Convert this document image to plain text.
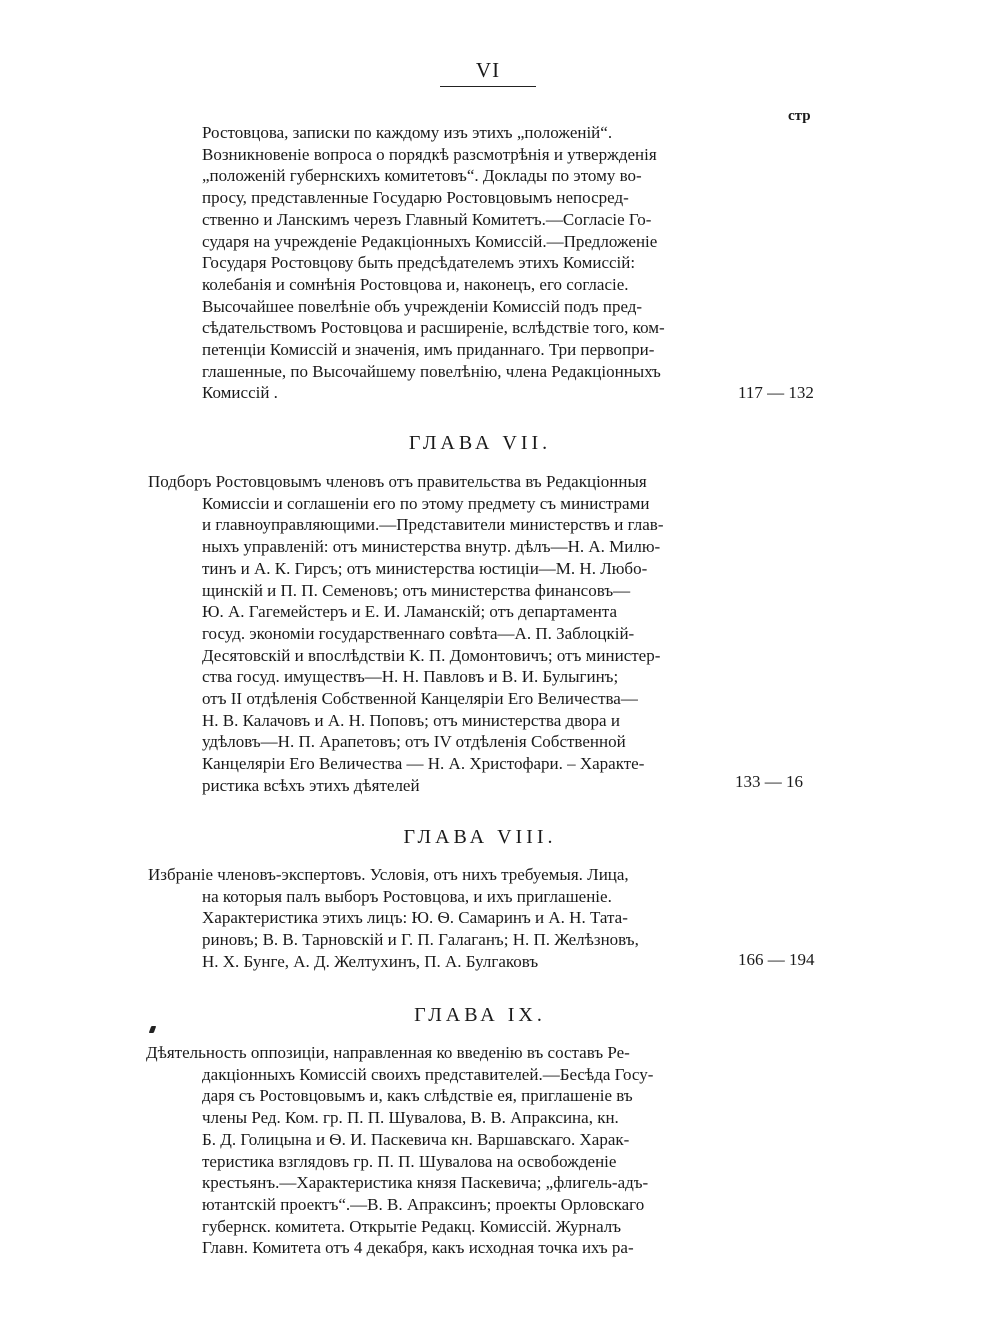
VI
стр
Ростовцова, записки по каждому изъ этихъ „положеній“.
Возникновеніе вопроса о порядкѣ разсмотрѣнія и утвержденія
„положеній губернскихъ комитетовъ“. Доклады по этому во-
просу, представленные Государю Ростовцовымъ непосред-
ственно и Ланскимъ черезъ Главный Комитетъ.—Согласіе Го-
сударя на учрежденіе Редакціонныхъ Комиссій.—Предложеніе
Государя Ростовцову быть предсѣдателемъ этихъ Комиссій:
колебанія и сомнѣнія Ростовцова и, наконецъ, его согласіе.
Высочайшее повелѣніе объ учрежденіи Комиссій подъ пред-
сѣдательствомъ Ростовцова и расширеніе, вслѣдствіе того, ком-
петенціи Комиссій и значенія, имъ приданнаго. Три первопри-
глашенные, по Высочайшему повелѣнію, члена Редакціонныхъ
Комиссій .	117 — 132
ГЛАВА VII.
Подборъ Ростовцовымъ членовъ отъ правительства въ Редакціонныя
Комиссіи и соглашеніи его по этому предмету съ министрами
и главноуправляющими.—Представители министерствъ и глав-
ныхъ управленій: отъ министерства внутр. дѣлъ—Н. А. Милю-
тинъ и А. К. Гирсъ; отъ министерства юстиціи—М. Н. Любо-
щинскій и П. П. Семеновъ; отъ министерства финансовъ—
Ю. А. Гагемейстеръ и Е. И. Ламанскій; отъ департамента
госуд. экономіи государственнаго совѣта—А. П. Заблоцкій-
Десятовскій и впослѣдствіи К. П. Домонтовичъ; отъ министер-
ства госуд. имуществъ—Н. Н. Павловъ и В. И. Булыгинъ;
отъ II отдѣленія Собственной Канцеляріи Его Величества—
Н. В. Калачовъ и А. Н. Поповъ; отъ министерства двора и
удѣловъ—Н. П. Арапетовъ; отъ IV отдѣленія Собственной
Канцеляріи Его Величества — Н. А. Христофари. – Характе-
ристика всѣхъ этихъ дѣятелей	133 — 16
ГЛАВА VIII.
Избраніе членовъ-экспертовъ. Условія, отъ нихъ требуемыя. Лица,
на которыя палъ выборъ Ростовцова, и ихъ приглашеніе.
Характеристика этихъ лицъ: Ю. Ѳ. Самаринъ и А. Н. Тата-
риновъ; В. В. Тарновскій и Г. П. Галаганъ; Н. П. Желѣзновъ,
Н. Х. Бунге, А. Д. Желтухинъ, П. А. Булгаковъ	166 — 194
ГЛАВА IX.
Дѣятельность оппозиціи, направленная ко введенію въ составъ Ре-
дакціонныхъ Комиссій своихъ представителей.—Бесѣда Госу-
даря съ Ростовцовымъ и, какъ слѣдствіе ея, приглашеніе въ
члены Ред. Ком. гр. П. П. Шувалова, В. В. Апраксина, кн.
Б. Д. Голицына и Ѳ. И. Паскевича кн. Варшавскаго. Харак-
теристика взглядовъ гр. П. П. Шувалова на освобожденіе
крестьянъ.—Характеристика князя Паскевича; „флигель-адъ-
ютантскій проектъ“.—В. В. Апраксинъ; проекты Орловскаго
губернск. комитета. Открытіе Редакц. Комиссій. Журналъ
Главн. Комитета отъ 4 декабря, какъ исходная точка ихъ ра-
